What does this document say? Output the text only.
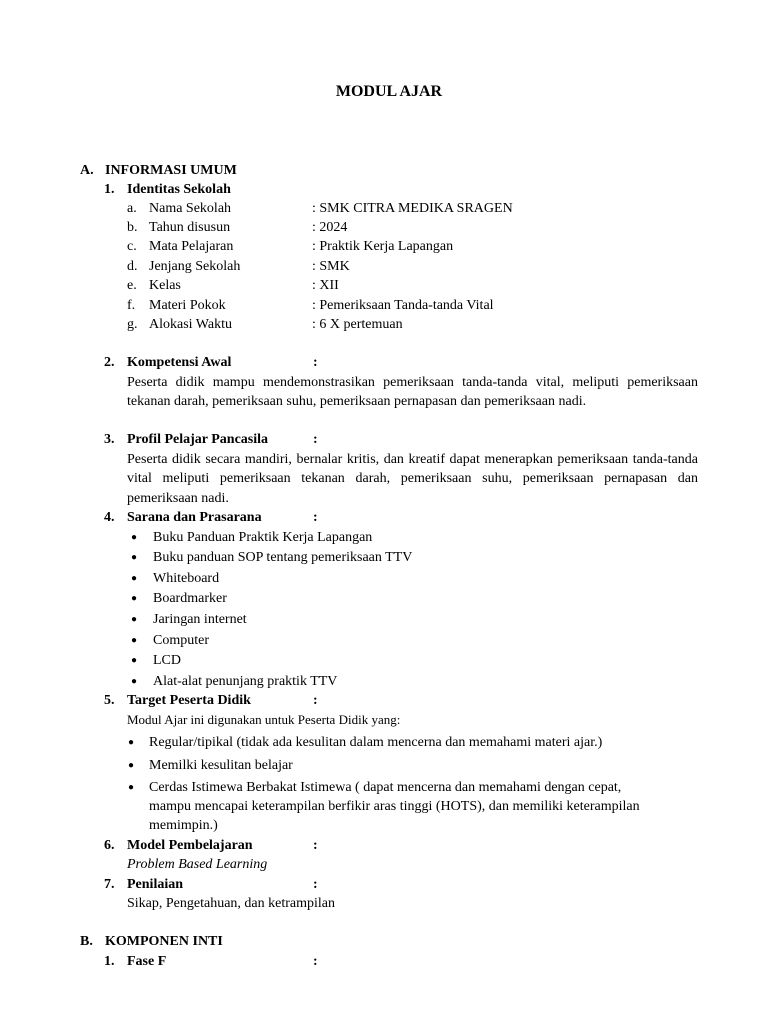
MODUL AJAR
A. INFORMASI UMUM
1. Identitas Sekolah
a. Nama Sekolah	: SMK CITRA MEDIKA SRAGEN
b. Tahun disusun	: 2024
c. Mata Pelajaran	: Praktik Kerja Lapangan
d. Jenjang Sekolah	: SMK
e. Kelas	: XII
f. Materi Pokok	: Pemeriksaan Tanda-tanda Vital
g. Alokasi Waktu	: 6 X pertemuan
2. Kompetensi Awal	:
Peserta didik mampu mendemonstrasikan pemeriksaan tanda-tanda vital, meliputi pemeriksaan tekanan darah, pemeriksaan suhu, pemeriksaan pernapasan dan pemeriksaan nadi.
3. Profil Pelajar Pancasila	:
Peserta didik secara mandiri, bernalar kritis, dan kreatif dapat menerapkan pemeriksaan tanda-tanda vital meliputi pemeriksaan tekanan darah, pemeriksaan suhu, pemeriksaan pernapasan dan pemeriksaan nadi.
4. Sarana dan Prasarana	:
● Buku Panduan Praktik Kerja Lapangan
● Buku panduan SOP tentang pemeriksaan TTV
● Whiteboard
● Boardmarker
● Jaringan internet
● Computer
● LCD
● Alat-alat penunjang praktik TTV
5. Target Peserta Didik	:
Modul Ajar ini digunakan untuk Peserta Didik yang:
● Regular/tipikal (tidak ada kesulitan dalam mencerna dan memahami materi ajar.)
● Memilki kesulitan belajar
● Cerdas Istimewa Berbakat Istimewa ( dapat mencerna dan memahami dengan cepat,
mampu mencapai keterampilan berfikir aras tinggi (HOTS), dan memiliki keterampilan
memimpin.)
6. Model Pembelajaran	:
Problem Based Learning
7. Penilaian	:
Sikap, Pengetahuan, dan ketrampilan
B. KOMPONEN INTI
1. Fase F	:
